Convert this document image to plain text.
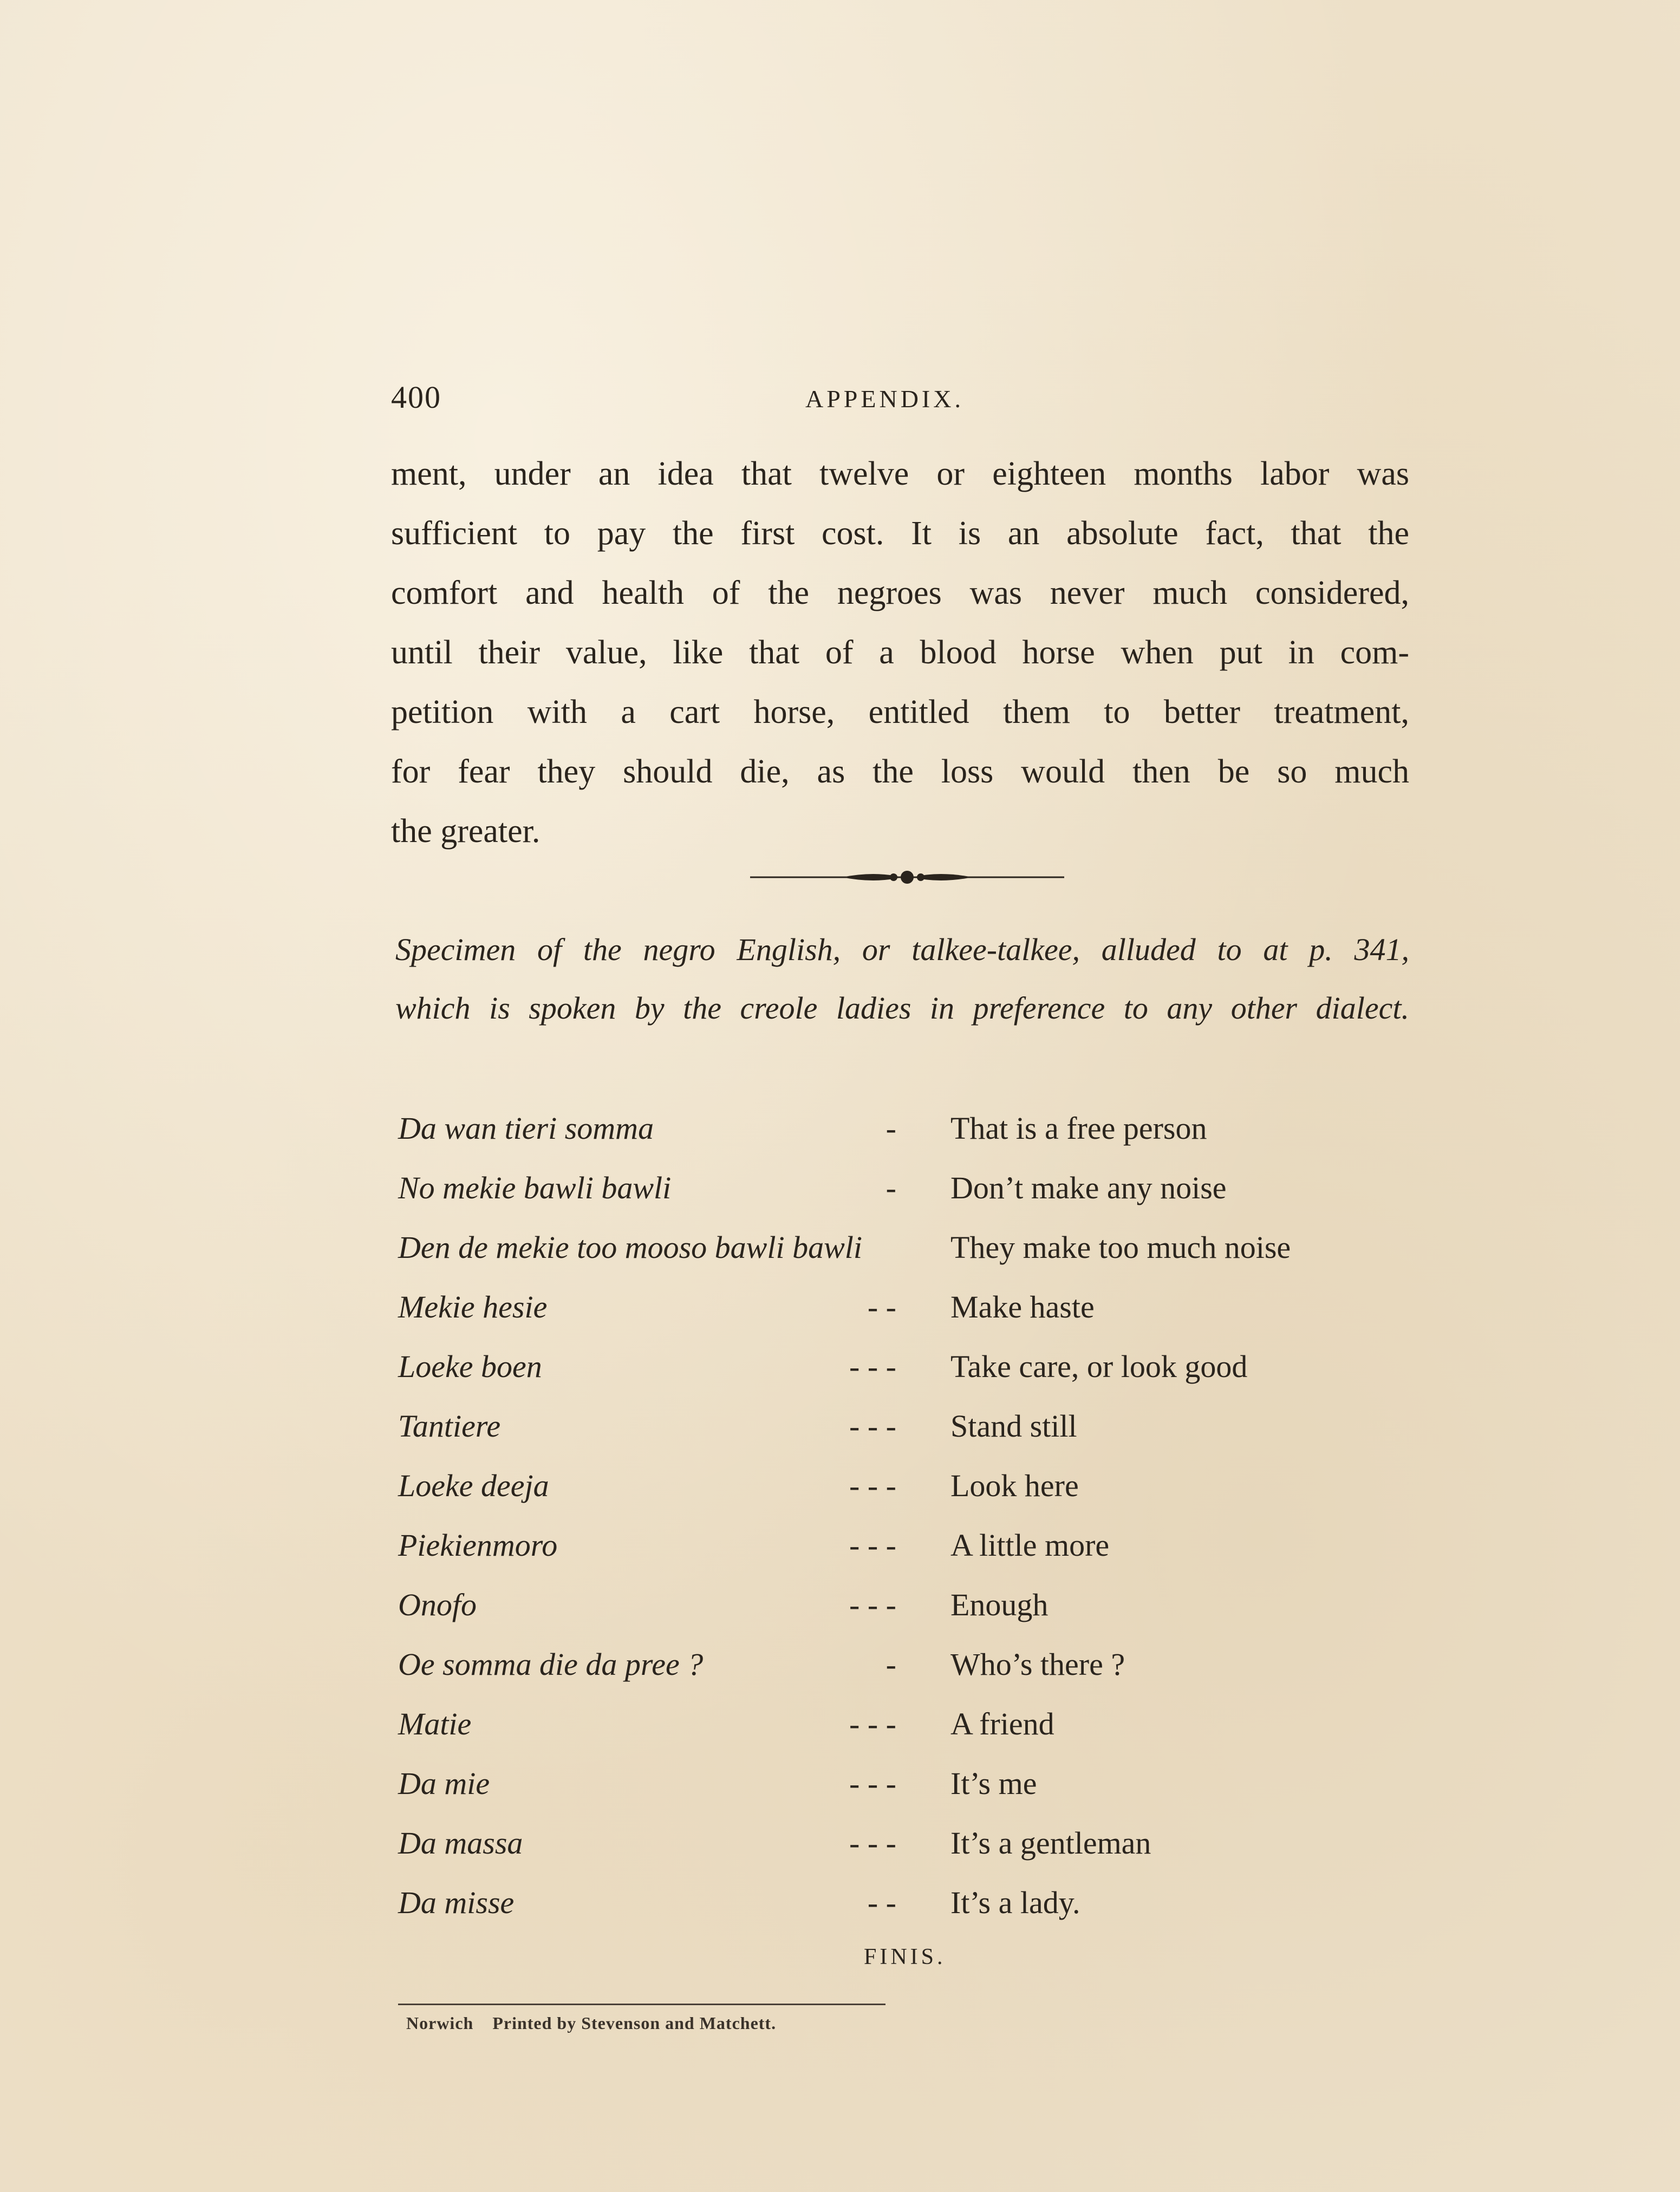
400	APPENDIX.
ment, under an idea that twelve or eighteen months labor was
sufficient to pay the first cost. It is an absolute fact, that the
comfort and health of the negroes was never much considered,
until their value, like that of a blood horse when put in com-
petition with a cart horse, entitled them to better treatment,
for fear they should die, as the loss would then be so much
the greater.
Specimen of the negro English, or talkee-talkee, alluded to at p. 341,
which is spoken by the creole ladies in preference to any other dialect.
Da wan tieri somma	-	That is a free person
No mekie bawli bawli	-	Don’t make any noise
Den de mekie too mooso bawli bawli	They make too much noise
Mekie hesie	- -	Make haste
Loeke boen	- - -	Take care, or look good
Tantiere	- - -	Stand still
Loeke deeja	- - -	Look here
Piekienmoro	- - -	A little more
Onofo	- - -	Enough
Oe somma die da pree ?	-	Who’s there ?
Matie	- - -	A friend
Da mie	- - -	It’s me
Da massa	- - -	It’s a gentleman
Da misse	- -	It’s a lady.
FINIS.
Norwich Printed by Stevenson and Matchett.
